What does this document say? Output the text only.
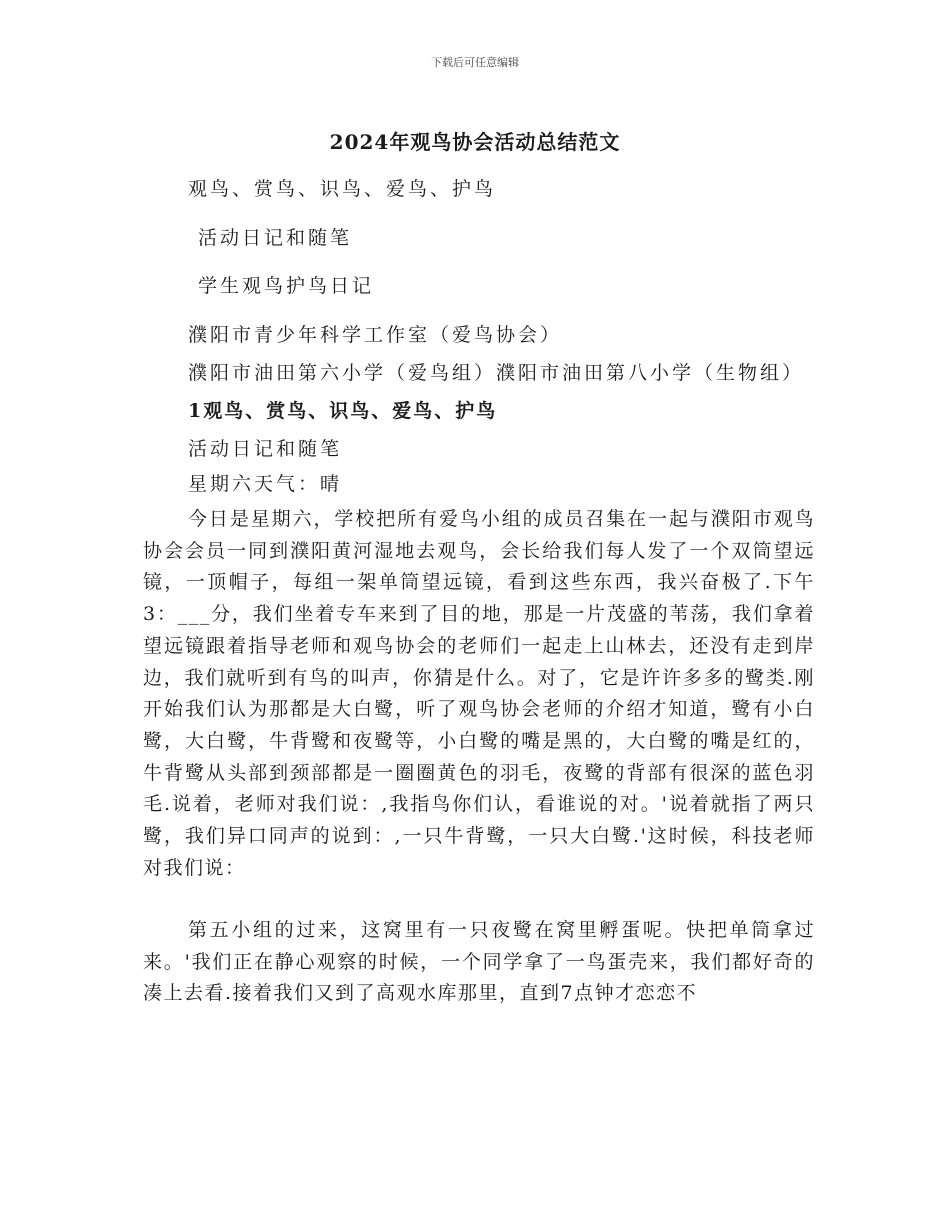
下载后可任意编辑
2024年观鸟协会活动总结范文
观鸟、赏鸟、识鸟、爱鸟、护鸟
活动日记和随笔
学生观鸟护鸟日记
濮阳市青少年科学工作室（爱鸟协会）
濮阳市油田第六小学（爱鸟组）濮阳市油田第八小学（生物组）
1观鸟、赏鸟、识鸟、爱鸟、护鸟
活动日记和随笔
星期六天气：晴
今日是星期六，学校把所有爱鸟小组的成员召集在一起与濮阳市观鸟协会会员一同到濮阳黄河湿地去观鸟，会长给我们每人发了一个双筒望远镜，一顶帽子，每组一架单筒望远镜，看到这些东西，我兴奋极了.下午3：___分，我们坐着专车来到了目的地，那是一片茂盛的苇荡，我们拿着望远镜跟着指导老师和观鸟协会的老师们一起走上山林去，还没有走到岸边，我们就听到有鸟的叫声，你猜是什么。对了，它是许许多多的鹭类.刚开始我们认为那都是大白鹭，听了观鸟协会老师的介绍才知道，鹭有小白鹭，大白鹭，牛背鹭和夜鹭等，小白鹭的嘴是黑的，大白鹭的嘴是红的，牛背鹭从头部到颈部都是一圈圈黄色的羽毛，夜鹭的背部有很深的蓝色羽毛.说着，老师对我们说：,我指鸟你们认，看谁说的对。'说着就指了两只鹭，我们异口同声的说到：,一只牛背鹭，一只大白鹭.'这时候，科技老师对我们说：
第五小组的过来，这窝里有一只夜鹭在窝里孵蛋呢。快把单筒拿过来。'我们正在静心观察的时候，一个同学拿了一鸟蛋壳来，我们都好奇的凑上去看.接着我们又到了高观水库那里，直到7点钟才恋恋不
